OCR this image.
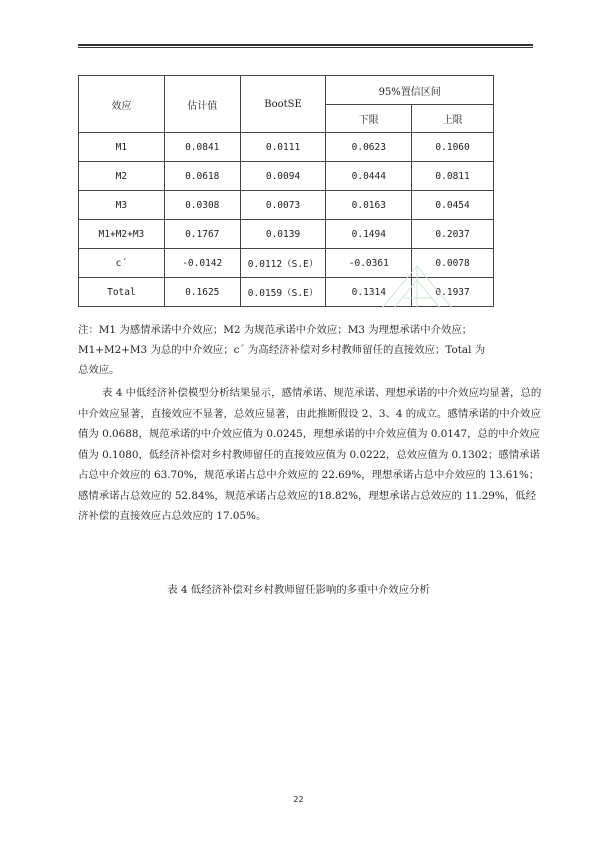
效应	估计值	BootSE	95%置信区间	
			下限	上限
M1	0.0841	0.0111	0.0623	0.1060
M2	0.0618	0.0094	0.0444	0.0811
M3	0.0308	0.0073	0.0163	0.0454
M1+M2+M3	0.1767	0.0139	0.1494	0.2037
c´	-0.0142	0.0112（S.E）	-0.0361	0.0078
Total	0.1625	0.0159（S.E）	0.1314	0.1937
注：M1 为感情承诺中介效应；M2 为规范承诺中介效应；M3 为理想承诺中介效应；
M1+M2+M3 为总的中介效应；c´ 为高经济补偿对乡村教师留任的直接效应；Total 为
总效应。
表 4 中低经济补偿模型分析结果显示，感情承诺、规范承诺、理想承诺的中介效应均显著，总的中介效应显著，直接效应不显著，总效应显著，由此推断假设 2、3、4 的成立。感情承诺的中介效应值为 0.0688，规范承诺的中介效应值为 0.0245，理想承诺的中介效应值为 0.0147，总的中介效应值为 0.1080，低经济补偿对乡村教师留任的直接效应值为 0.0222，总效应值为 0.1302；感情承诺占总中介效应的 63.70%，规范承诺占总中介效应的 22.69%，理想承诺占总中介效应的 13.61%；感情承诺占总效应的 52.84%，规范承诺占总效应的18.82%，理想承诺占总效应的 11.29%，低经济补偿的直接效应占总效应的 17.05%。
表 4 低经济补偿对乡村教师留任影响的多重中介效应分析
22
